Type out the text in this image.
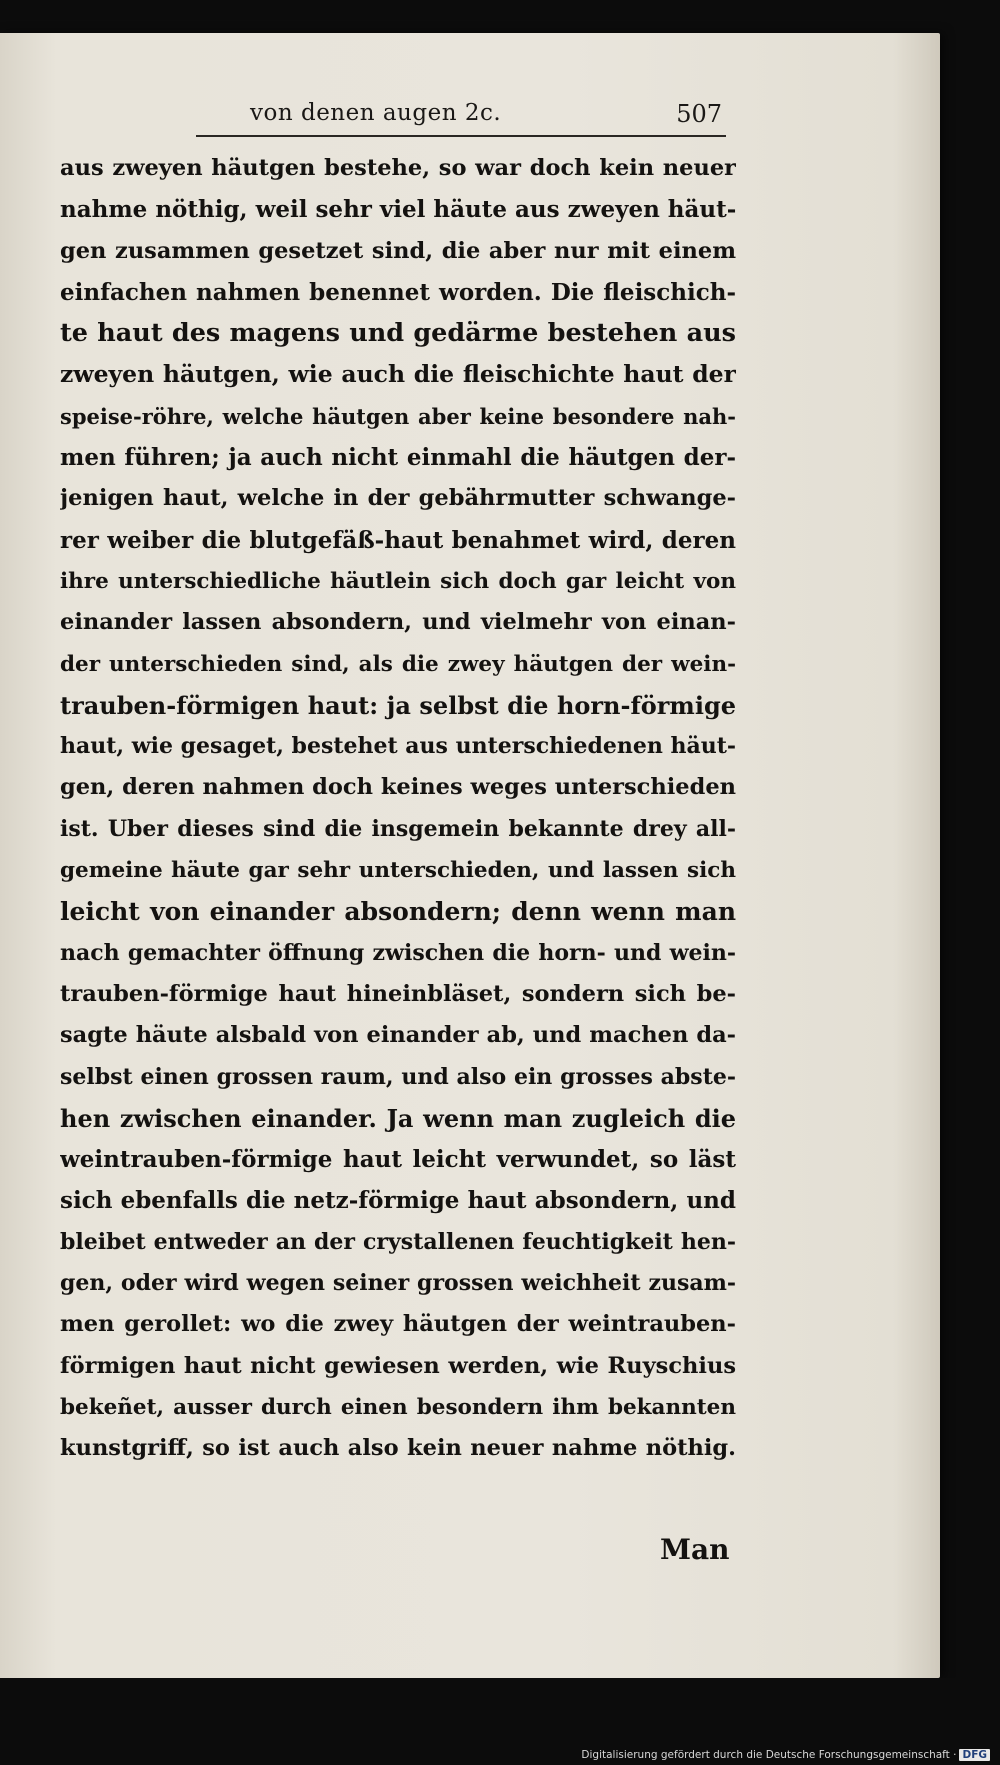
von denen augen 2c.	507
aus zweyen häutgen bestehe, so war doch kein neuer
nahme nöthig, weil sehr viel häute aus zweyen häut-
gen zusammen gesetzet sind, die aber nur mit einem
einfachen nahmen benennet worden. Die fleischich-
te haut des magens und gedärme bestehen aus
zweyen häutgen, wie auch die fleischichte haut der
speise-röhre, welche häutgen aber keine besondere nah-
men führen; ja auch nicht einmahl die häutgen der-
jenigen haut, welche in der gebährmutter schwange-
rer weiber die blutgefäß-haut benahmet wird, deren
ihre unterschiedliche häutlein sich doch gar leicht von
einander lassen absondern, und vielmehr von einan-
der unterschieden sind, als die zwey häutgen der wein-
trauben-förmigen haut: ja selbst die horn-förmige
haut, wie gesaget, bestehet aus unterschiedenen häut-
gen, deren nahmen doch keines weges unterschieden
ist. Uber dieses sind die insgemein bekannte drey all-
gemeine häute gar sehr unterschieden, und lassen sich
leicht von einander absondern; denn wenn man
nach gemachter öffnung zwischen die horn- und wein-
trauben-förmige haut hineinbläset, sondern sich be-
sagte häute alsbald von einander ab, und machen da-
selbst einen grossen raum, und also ein grosses abste-
hen zwischen einander. Ja wenn man zugleich die
weintrauben-förmige haut leicht verwundet, so läst
sich ebenfalls die netz-förmige haut absondern, und
bleibet entweder an der crystallenen feuchtigkeit hen-
gen, oder wird wegen seiner grossen weichheit zusam-
men gerollet: wo die zwey häutgen der weintrauben-
förmigen haut nicht gewiesen werden, wie Ruyschius
bekeñet, ausser durch einen besondern ihm bekannten
kunstgriff, so ist auch also kein neuer nahme nöthig.
Man
Digitalisierung gefördert durch die Deutsche Forschungsgemeinschaft · DFG
